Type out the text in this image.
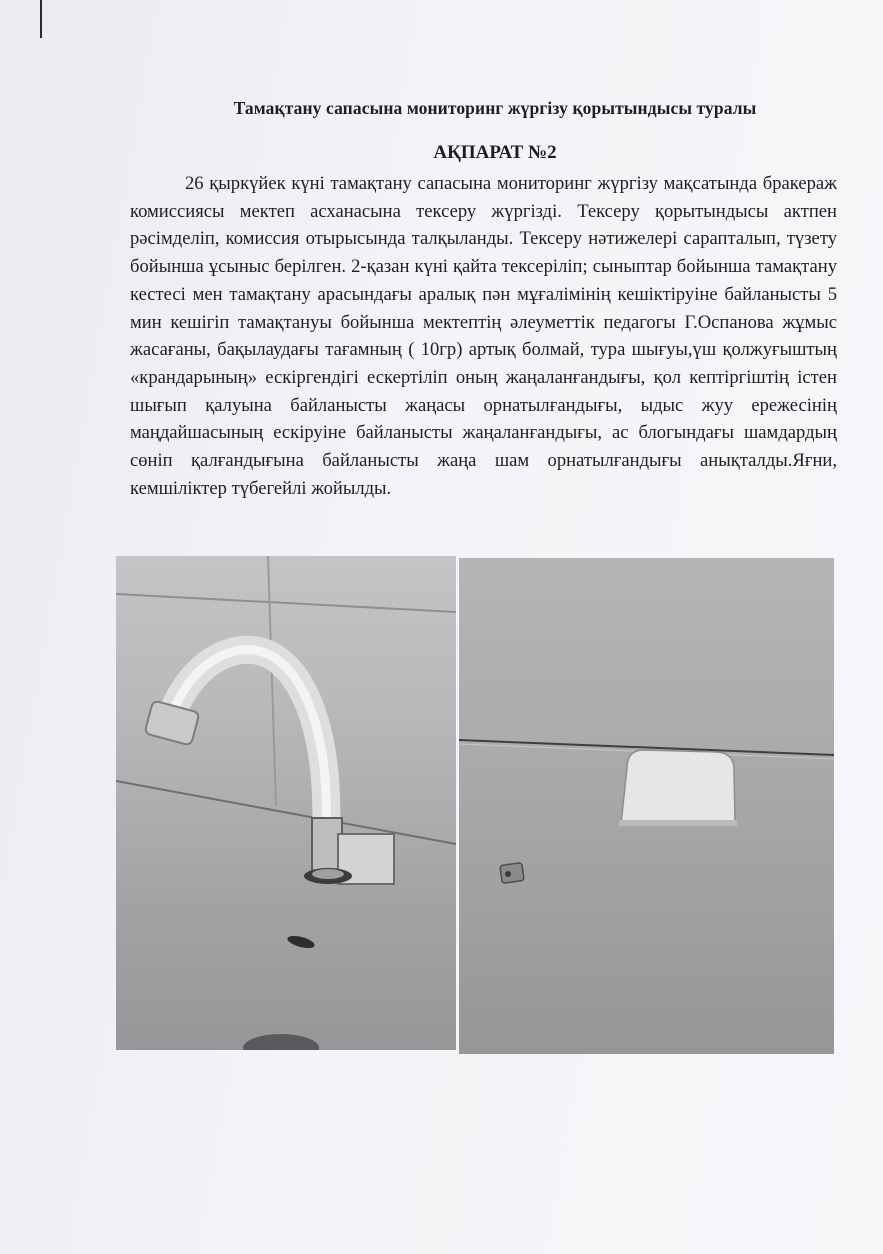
Тамақтану сапасына мониторинг жүргізу қорытындысы туралы
АҚПАРАТ №2

26 қыркүйек күні тамақтану сапасына мониторинг жүргізу мақсатында бракераж комиссиясы мектеп асханасына тексеру жүргізді. Тексеру қорытындысы актпен рәсімделіп, комиссия отырысында талқыланды. Тексеру нәтижелері сарапталып, түзету бойынша ұсыныс берілген. 2-қазан күні қайта тексеріліп; сыныптар бойынша тамақтану кестесі мен тамақтану арасындағы аралық пән мұғалімінің кешіктіруіне байланысты 5 мин кешігіп тамақтануы бойынша мектептің әлеуметтік педагогы Г.Оспанова жұмыс жасағаны, бақылаудағы тағамның ( 10гр) артық болмай, тура шығуы,үш қолжуғыштың «крандарының» ескіргендігі ескертіліп оның жаңаланғандығы, қол кептіргіштің істен шығып қалуына байланысты жаңасы орнатылғандығы, ыдыс жуу ережесінің маңдайшасының ескіруіне байланысты жаңаланғандығы, ас блогындағы шамдардың сөніп қалғандығына байланысты жаңа шам орнатылғандығы анықталды.Яғни, кемшіліктер түбегейлі жойылды.
